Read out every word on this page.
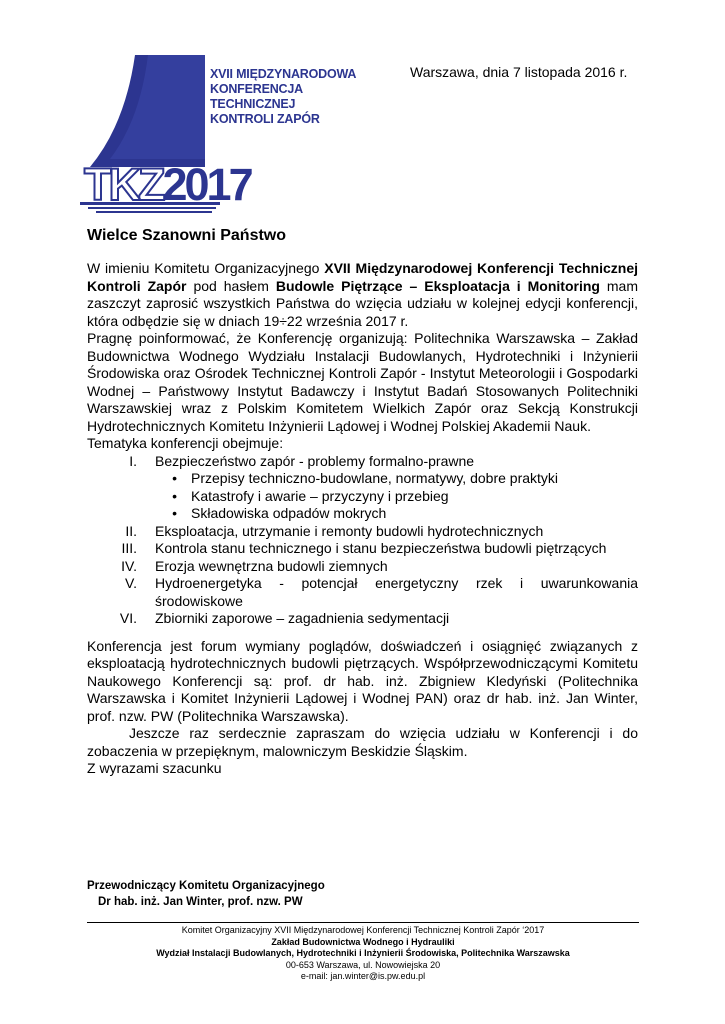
XVII MIĘDZYNARODOWA
KONFERENCJA
TECHNICZNEJ
KONTROLI ZAPÓR
TKZ2017
Warszawa, dnia 7 listopada 2016 r.
Wielce Szanowni Państwo

W imieniu Komitetu Organizacyjnego XVII Międzynarodowej Konferencji Technicznej Kontroli Zapór pod hasłem Budowle Piętrzące – Eksploatacja i Monitoring mam zaszczyt zaprosić wszystkich Państwa do wzięcia udziału w kolejnej edycji konferencji, która odbędzie się w dniach 19÷22 września 2017 r.

Pragnę poinformować, że Konferencję organizują: Politechnika Warszawska – Zakład Budownictwa Wodnego Wydziału Instalacji Budowlanych, Hydrotechniki i Inżynierii Środowiska oraz Ośrodek Technicznej Kontroli Zapór - Instytut Meteorologii i Gospodarki Wodnej – Państwowy Instytut Badawczy i Instytut Badań Stosowanych Politechniki Warszawskiej wraz z Polskim Komitetem Wielkich Zapór oraz Sekcją Konstrukcji Hydrotechnicznych Komitetu Inżynierii Lądowej i Wodnej Polskiej Akademii Nauk.

Tematyka konferencji obejmuje:

I.	Bezpieczeństwo zapór - problemy formalno-prawne
•	Przepisy techniczno-budowlane, normatywy, dobre praktyki
•	Katastrofy i awarie – przyczyny i przebieg
•	Składowiska odpadów mokrych
II.	Eksploatacja, utrzymanie i remonty budowli hydrotechnicznych
III.	Kontrola stanu technicznego i stanu bezpieczeństwa budowli piętrzących
IV.	Erozja wewnętrzna budowli ziemnych
V.	Hydroenergetyka - potencjał energetyczny rzek i uwarunkowania środowiskowe
VI.	Zbiorniki zaporowe – zagadnienia sedymentacji

Konferencja jest forum wymiany poglądów, doświadczeń i osiągnięć związanych z eksploatacją hydrotechnicznych budowli piętrzących. Współprzewodniczącymi Komitetu Naukowego Konferencji są: prof. dr hab. inż. Zbigniew Kledyński (Politechnika Warszawska i Komitet Inżynierii Lądowej i Wodnej PAN) oraz dr hab. inż. Jan Winter, prof. nzw. PW (Politechnika Warszawska).

Jeszcze raz serdecznie zapraszam do wzięcia udziału w Konferencji i do zobaczenia w przepięknym, malowniczym Beskidzie Śląskim.

Z wyrazami szacunku

Przewodniczący Komitetu Organizacyjnego
Dr hab. inż. Jan Winter, prof. nzw. PW
Komitet Organizacyjny XVII Międzynarodowej Konferencji Technicznej Kontroli Zapór ‘2017
Zakład Budownictwa Wodnego i Hydrauliki
Wydział Instalacji Budowlanych, Hydrotechniki i Inżynierii Środowiska, Politechnika Warszawska
00-653 Warszawa, ul. Nowowiejska 20
e-mail: jan.winter@is.pw.edu.pl
